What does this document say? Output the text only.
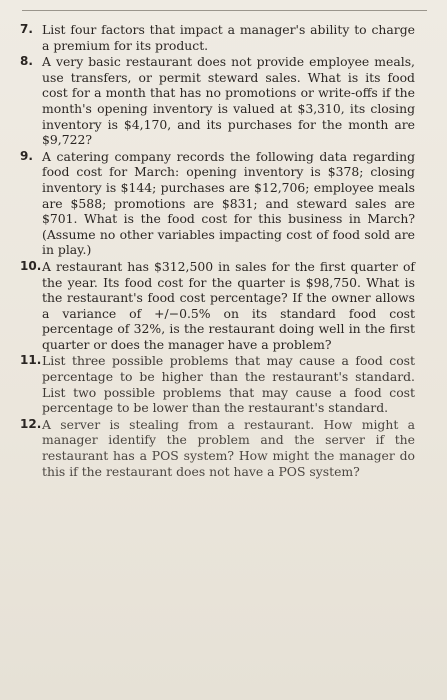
7. List four factors that impact a manager's ability to charge a premium for its product.
8. A very basic restaurant does not provide employee meals, use transfers, or permit steward sales. What is its food cost for a month that has no promotions or write-offs if the month's opening inventory is valued at $3,310, its closing inventory is $4,170, and its purchases for the month are $9,722?
9. A catering company records the following data regarding food cost for March: opening inventory is $378; closing inventory is $144; purchases are $12,706; employee meals are $588; promotions are $831; and steward sales are $701. What is the food cost for this business in March? (Assume no other variables impacting cost of food sold are in play.)
10. A restaurant has $312,500 in sales for the first quarter of the year. Its food cost for the quarter is $98,750. What is the restaurant's food cost percentage? If the owner allows a variance of +/−0.5% on its standard food cost percentage of 32%, is the restaurant doing well in the first quarter or does the manager have a problem?
11. List three possible problems that may cause a food cost percentage to be higher than the restaurant's standard. List two possible problems that may cause a food cost percentage to be lower than the restaurant's standard.
12. A server is stealing from a restaurant. How might a manager identify the problem and the server if the restaurant has a POS system? How might the manager do this if the restaurant does not have a POS system?
